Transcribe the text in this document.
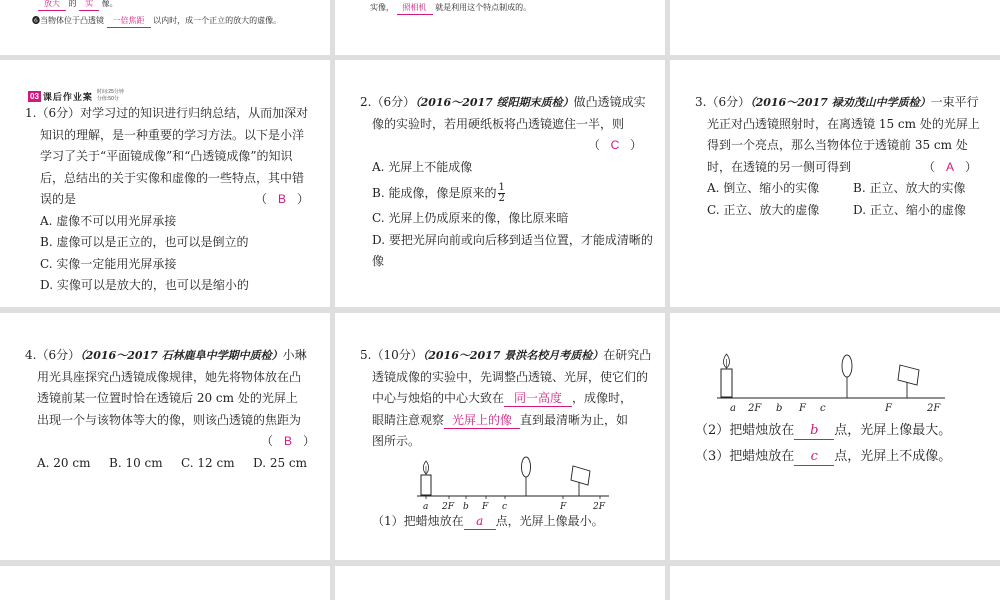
放大 的 实 像。
❻当物体位于凸透镜 一倍焦距 以内时，成一个正立的放大的虚像。
实像， 照相机 就是利用这个特点制成的。
03 课后作业案 时间:25分钟
分值:50分

1.（6分）对学习过的知识进行归纳总结，从而加深对

知识的理解，是一种重要的学习方法。以下是小洋

学习了关于“平面镜成像”和“凸透镜成像”的知识

后，总结出的关于实像和虚像的一些特点，其中错

误的是	（ B ）

A. 虚像不可以用光屏承接

B. 虚像可以是正立的，也可以是倒立的

C. 实像一定能用光屏承接

D. 实像可以是放大的，也可以是缩小的

2.（6分）（2016～2017 绥阳期末质检）做凸透镜成实

像的实验时，若用硬纸板将凸透镜遮住一半，则

（ C ）

A. 光屏上不能成像

B. 能成像，像是原来的 $\frac{1}{2}$

C. 光屏上仍成原来的像，像比原来暗

D. 要把光屏向前或向后移到适当位置，才能成清晰的像

3.（6分）（2016～2017 禄劝茂山中学质检）一束平行

光正对凸透镜照射时，在离透镜 15 cm 处的光屏上

得到一个亮点，那么当物体位于透镜前 35 cm 处

时，在透镜的另一侧可得到	（ A ）

A. 倒立、缩小的实像	B. 正立、放大的实像

C. 正立、放大的虚像	D. 正立、缩小的虚像

4.（6分）（2016～2017 石林鹿阜中学期中质检）小琳

用光具座探究凸透镜成像规律，她先将物体放在凸

透镜前某一位置时恰在透镜后 20 cm 处的光屏上

出现一个与该物体等大的像，则该凸透镜的焦距为

（ B ）

A. 20 cm B. 10 cm C. 12 cm D. 25 cm

5.（10分）（2016～2017 景洪名校月考质检）在研究凸

透镜成像的实验中，先调整凸透镜、光屏，使它们的

中心与烛焰的中心大致在 同一高度 ，成像时，

眼睛注意观察 光屏上的像 直到最清晰为止，如

图所示。

a 2F b F c	F	2F
（1）把蜡烛放在 a 点，光屏上像最小。
a 2F b F c	F	2F
（2）把蜡烛放在 b 点，光屏上像最大。
（3）把蜡烛放在 c 点，光屏上不成像。
